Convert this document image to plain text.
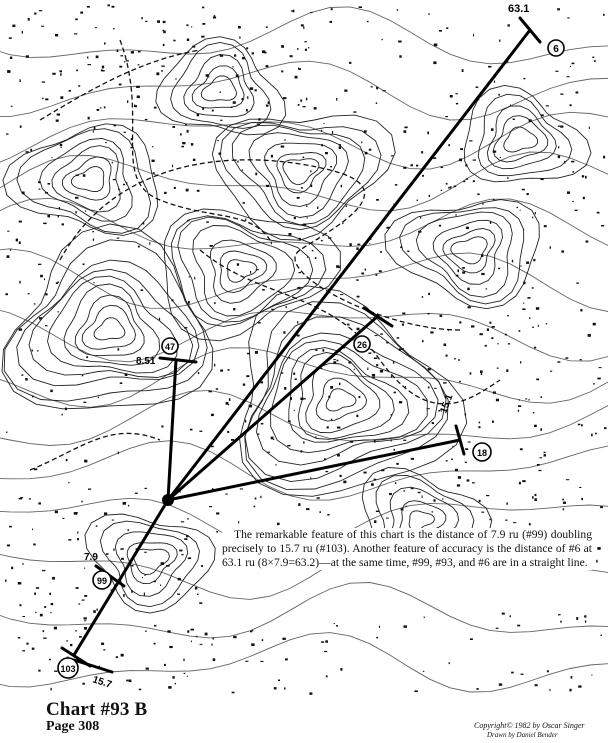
6
99
103
47
18
26
63.1
8.51
15.1
7.9
15.7

The remarkable feature of this chart is the distance of 7.9 ru (#99) doubling precisely to 15.7 ru (#103). Another feature of accuracy is the distance of #6 at 63.1 ru (8×7.9=63.2)—at the same time, #99, #93, and #6 are in a straight line.

Chart #93 B
Page 308	Copyright© 1982 by Oscar Singer
Drawn by Daniel Bender
